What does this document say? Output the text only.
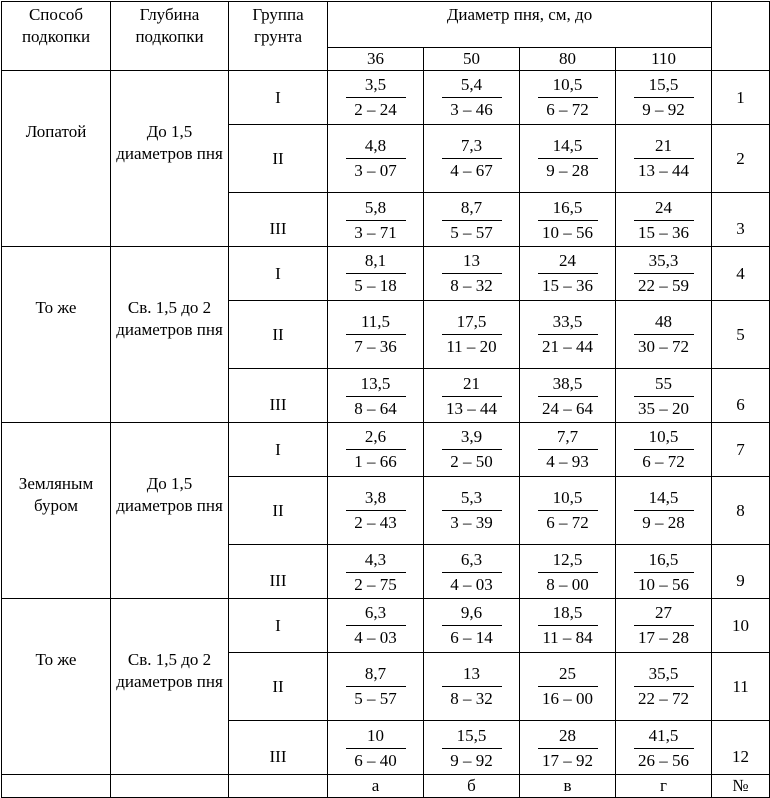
Способ подкопки	Глубина подкопки	Группа грунта	Диаметр пня, см, до				
			36	50	80	110	
Лопатой	До 1,5 диаметров пня	I	$\frac{3,5}{2 - 24}$	$\frac{5,4}{3 - 46}$	$\frac{10,5}{6 - 72}$	$\frac{15,5}{9 - 92}$	1
		II	$\frac{4,8}{3 - 07}$	$\frac{7,3}{4 - 67}$	$\frac{14,5}{9 - 28}$	$\frac{21}{13 - 44}$	2
		III	$\frac{5,8}{3 - 71}$	$\frac{8,7}{5 - 57}$	$\frac{16,5}{10 - 56}$	$\frac{24}{15 - 36}$	3
То же	Св. 1,5 до 2 диаметров пня	I	$\frac{8,1}{5 - 18}$	$\frac{13}{8 - 32}$	$\frac{24}{15 - 36}$	$\frac{35,3}{22 - 59}$	4
		II	$\frac{11,5}{7 - 36}$	$\frac{17,5}{11 - 20}$	$\frac{33,5}{21 - 44}$	$\frac{48}{30 - 72}$	5
		III	$\frac{13,5}{8 - 64}$	$\frac{21}{13 - 44}$	$\frac{38,5}{24 - 64}$	$\frac{55}{35 - 20}$	6
Земляным буром	До 1,5 диаметров пня	I	$\frac{2,6}{1 - 66}$	$\frac{3,9}{2 - 50}$	$\frac{7,7}{4 - 93}$	$\frac{10,5}{6 - 72}$	7
		II	$\frac{3,8}{2 - 43}$	$\frac{5,3}{3 - 39}$	$\frac{10,5}{6 - 72}$	$\frac{14,5}{9 - 28}$	8
		III	$\frac{4,3}{2 - 75}$	$\frac{6,3}{4 - 03}$	$\frac{12,5}{8 - 00}$	$\frac{16,5}{10 - 56}$	9
То же	Св. 1,5 до 2 диаметров пня	I	$\frac{6,3}{4 - 03}$	$\frac{9,6}{6 - 14}$	$\frac{18,5}{11 - 84}$	$\frac{27}{17 - 28}$	10
		II	$\frac{8,7}{5 - 57}$	$\frac{13}{8 - 32}$	$\frac{25}{16 - 00}$	$\frac{35,5}{22 - 72}$	11
		III	$\frac{10}{6 - 40}$	$\frac{15,5}{9 - 92}$	$\frac{28}{17 - 92}$	$\frac{41,5}{26 - 56}$	12
			а	б	в	г	№
